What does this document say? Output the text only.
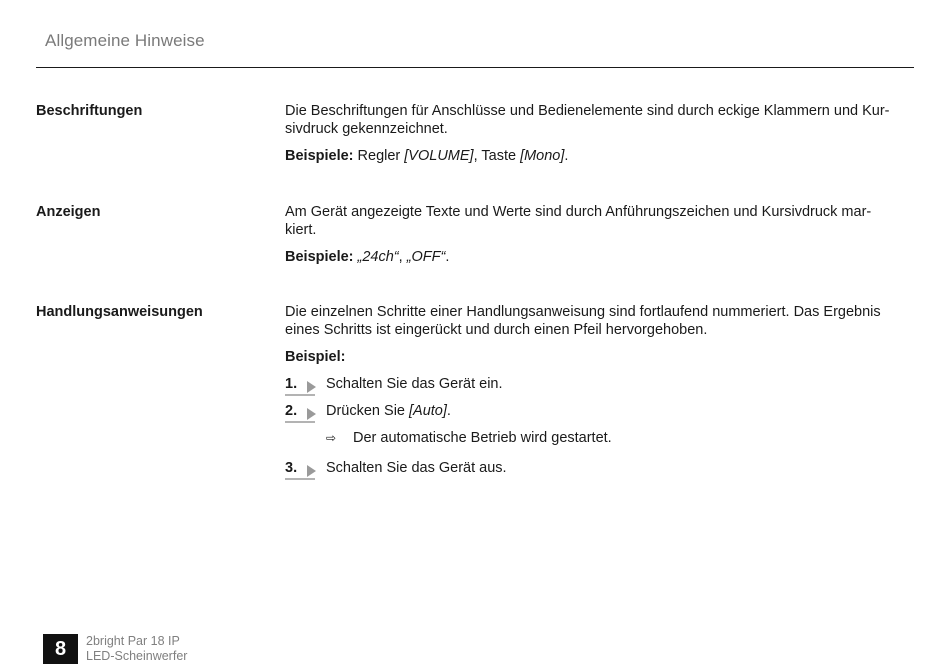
Allgemeine Hinweise
Beschriftungen	Die Beschriftungen für Anschlüsse und Bedienelemente sind durch eckige Klammern und Kur-
sivdruck gekennzeichnet.

Beispiele: Regler [VOLUME], Taste [Mono].

Anzeigen	Am Gerät angezeigte Texte und Werte sind durch Anführungszeichen und Kursivdruck mar-
kiert.

Beispiele: „24ch“, „OFF“.

Handlungsanweisungen	Die einzelnen Schritte einer Handlungsanweisung sind fortlaufend nummeriert. Das Ergebnis
eines Schritts ist eingerückt und durch einen Pfeil hervorgehoben.

Beispiel:

1. Schalten Sie das Gerät ein.
2. Drücken Sie [Auto].
⇨ Der automatische Betrieb wird gestartet.
3. Schalten Sie das Gerät aus.
8	2bright Par 18 IP
LED-Scheinwerfer
